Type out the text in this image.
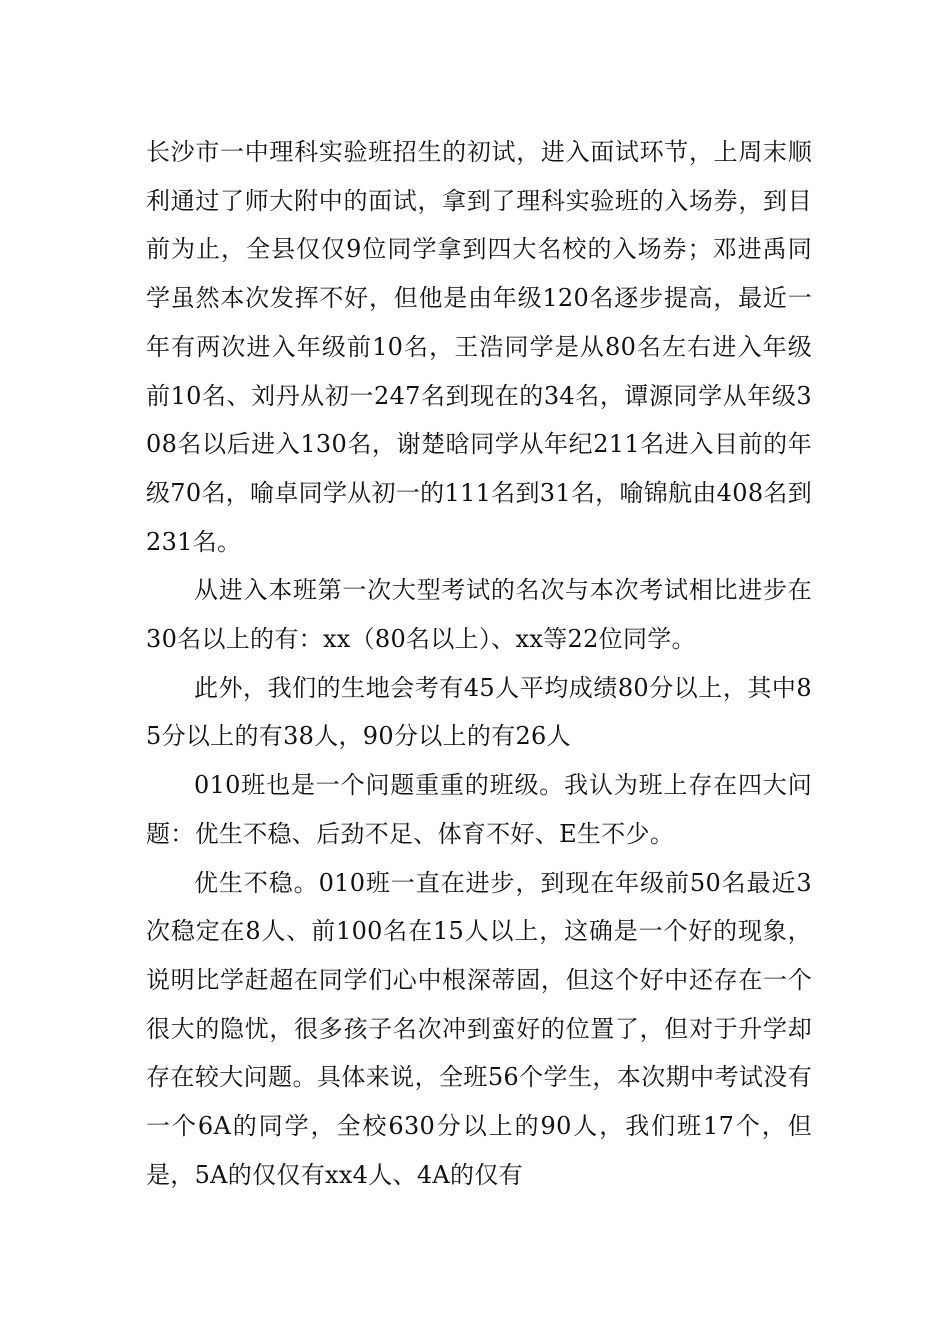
长沙市一中理科实验班招生的初试，进入面试环节，上周末顺利通过了师大附中的面试，拿到了理科实验班的入场券，到目前为止，全县仅仅9位同学拿到四大名校的入场券；邓进禹同学虽然本次发挥不好，但他是由年级120名逐步提高，最近一年有两次进入年级前10名，王浩同学是从80名左右进入年级前10名、刘丹从初一247名到现在的34名，谭源同学从年级308名以后进入130名，谢楚晗同学从年纪211名进入目前的年级70名，喻卓同学从初一的111名到31名，喻锦航由408名到231名。

从进入本班第一次大型考试的名次与本次考试相比进步在30名以上的有：xx（80名以上）、xx等22位同学。

此外，我们的生地会考有45人平均成绩80分以上，其中85分以上的有38人，90分以上的有26人

010班也是一个问题重重的班级。我认为班上存在四大问题：优生不稳、后劲不足、体育不好、E生不少。

优生不稳。010班一直在进步，到现在年级前50名最近3次稳定在8人、前100名在15人以上，这确是一个好的现象，说明比学赶超在同学们心中根深蒂固，但这个好中还存在一个很大的隐忧，很多孩子名次冲到蛮好的位置了，但对于升学却存在较大问题。具体来说，全班56个学生，本次期中考试没有一个6A的同学，全校630分以上的90人，我们班17个，但是，5A的仅仅有xx4人、4A的仅有
